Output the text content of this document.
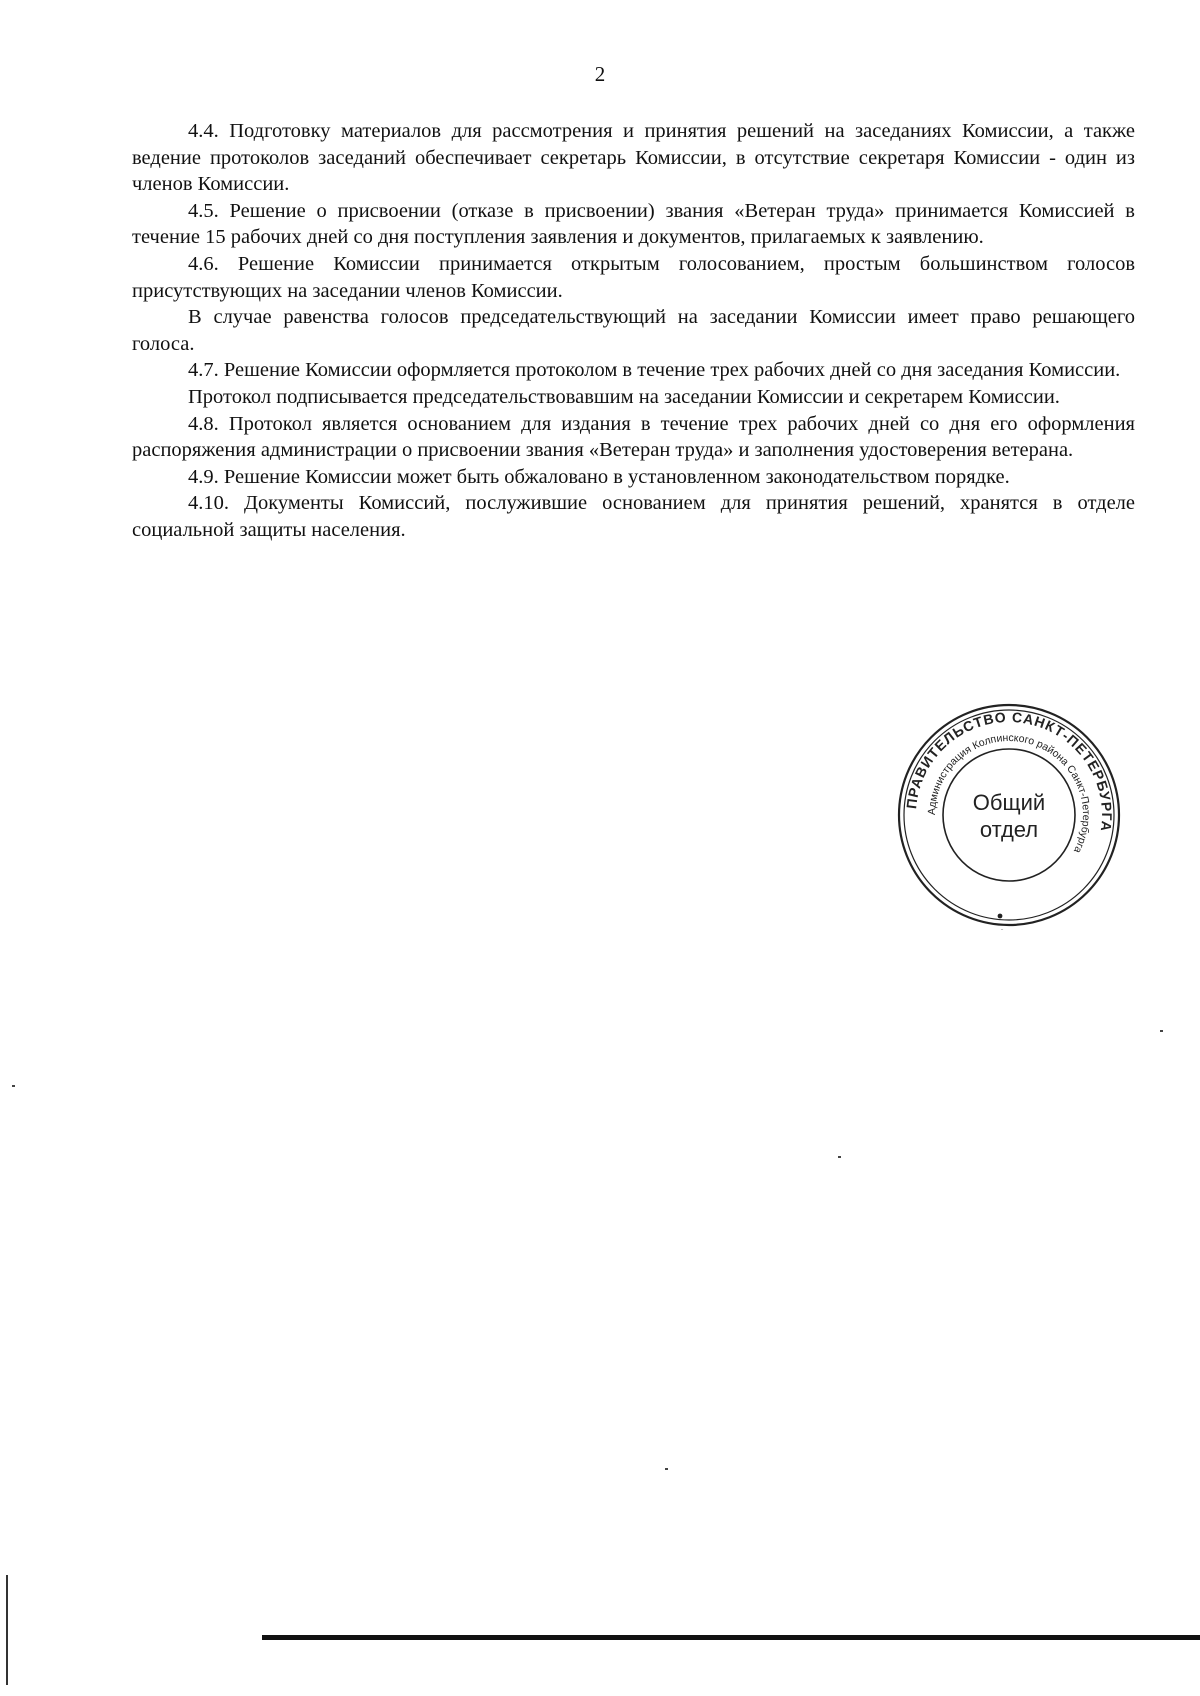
2

4.4. Подготовку материалов для рассмотрения и принятия решений на заседаниях Комиссии, а также ведение протоколов заседаний обеспечивает секретарь Комиссии, в отсутствие секретаря Комиссии - один из членов Комиссии.

4.5. Решение о присвоении (отказе в присвоении) звания «Ветеран труда» принимается Комиссией в течение 15 рабочих дней со дня поступления заявления и документов, прилагаемых к заявлению.

4.6. Решение Комиссии принимается открытым голосованием, простым большинством голосов присутствующих на заседании членов Комиссии.

В случае равенства голосов председательствующий на заседании Комиссии имеет право решающего голоса.

4.7. Решение Комиссии оформляется протоколом в течение трех рабочих дней со дня заседания Комиссии.

Протокол подписывается председательствовавшим на заседании Комиссии и секретарем Комиссии.

4.8. Протокол является основанием для издания в течение трех рабочих дней со дня его оформления распоряжения администрации о присвоении звания «Ветеран труда» и заполнения удостоверения ветерана.

4.9. Решение Комиссии может быть обжаловано в установленном законодательством порядке.

4.10. Документы Комиссий, послужившие основанием для принятия решений, хранятся в отделе социальной защиты населения.

ПРАВИТЕЛЬСТВО САНКТ-ПЕТЕРБУРГА
Администрация Колпинского района Санкт-Петербурга
Общий
отдел
